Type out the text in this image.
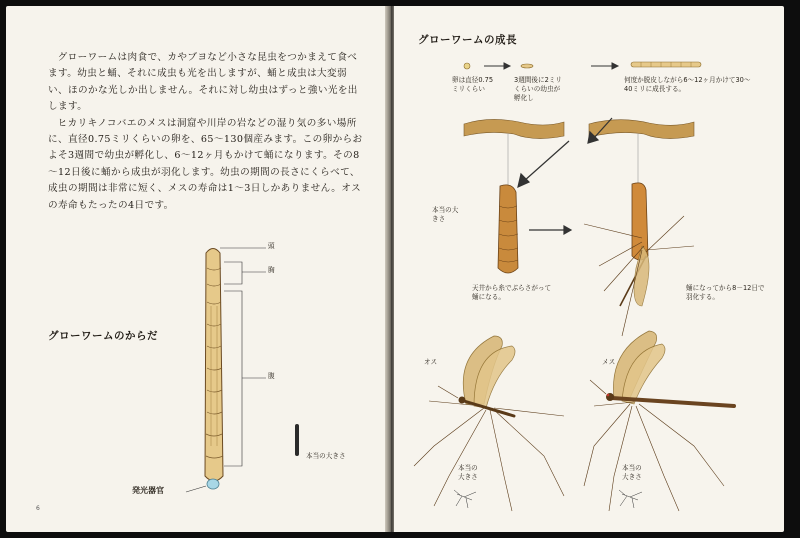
グローワームは肉食で、カやブヨなど小さな昆虫をつかまえて食べます。幼虫と蛹、それに成虫も光を出しますが、蛹と成虫は大変弱い、ほのかな光しか出しません。それに対し幼虫はずっと強い光を出します。

ヒカリキノコバエのメスは洞窟や川岸の岩などの湿り気の多い場所に、直径0.75ミリくらいの卵を、65～130個産みます。この卵からおよそ3週間で幼虫が孵化し、6～12ヶ月もかけて蛹になります。その8～12日後に蛹から成虫が羽化します。幼虫の期間の長さにくらべて、成虫の期間は非常に短く、メスの寿命は1～3日しかありません。オスの寿命もたったの4日です。

グローワームのからだ
頭
胸
腹
発光器官
本当の大きさ
6
グローワームの成長
卵は直径0.75ミリくらい
3週間後に2ミリくらいの幼虫が孵化し
何度か脱皮しながら6～12ヶ月かけて30～40ミリに成長する。
本当の大きさ
天井から糸でぶらさがって蛹になる。
蛹になってから8－12日で羽化する。
オス	メス
本当の大きさ
本当の大きさ
